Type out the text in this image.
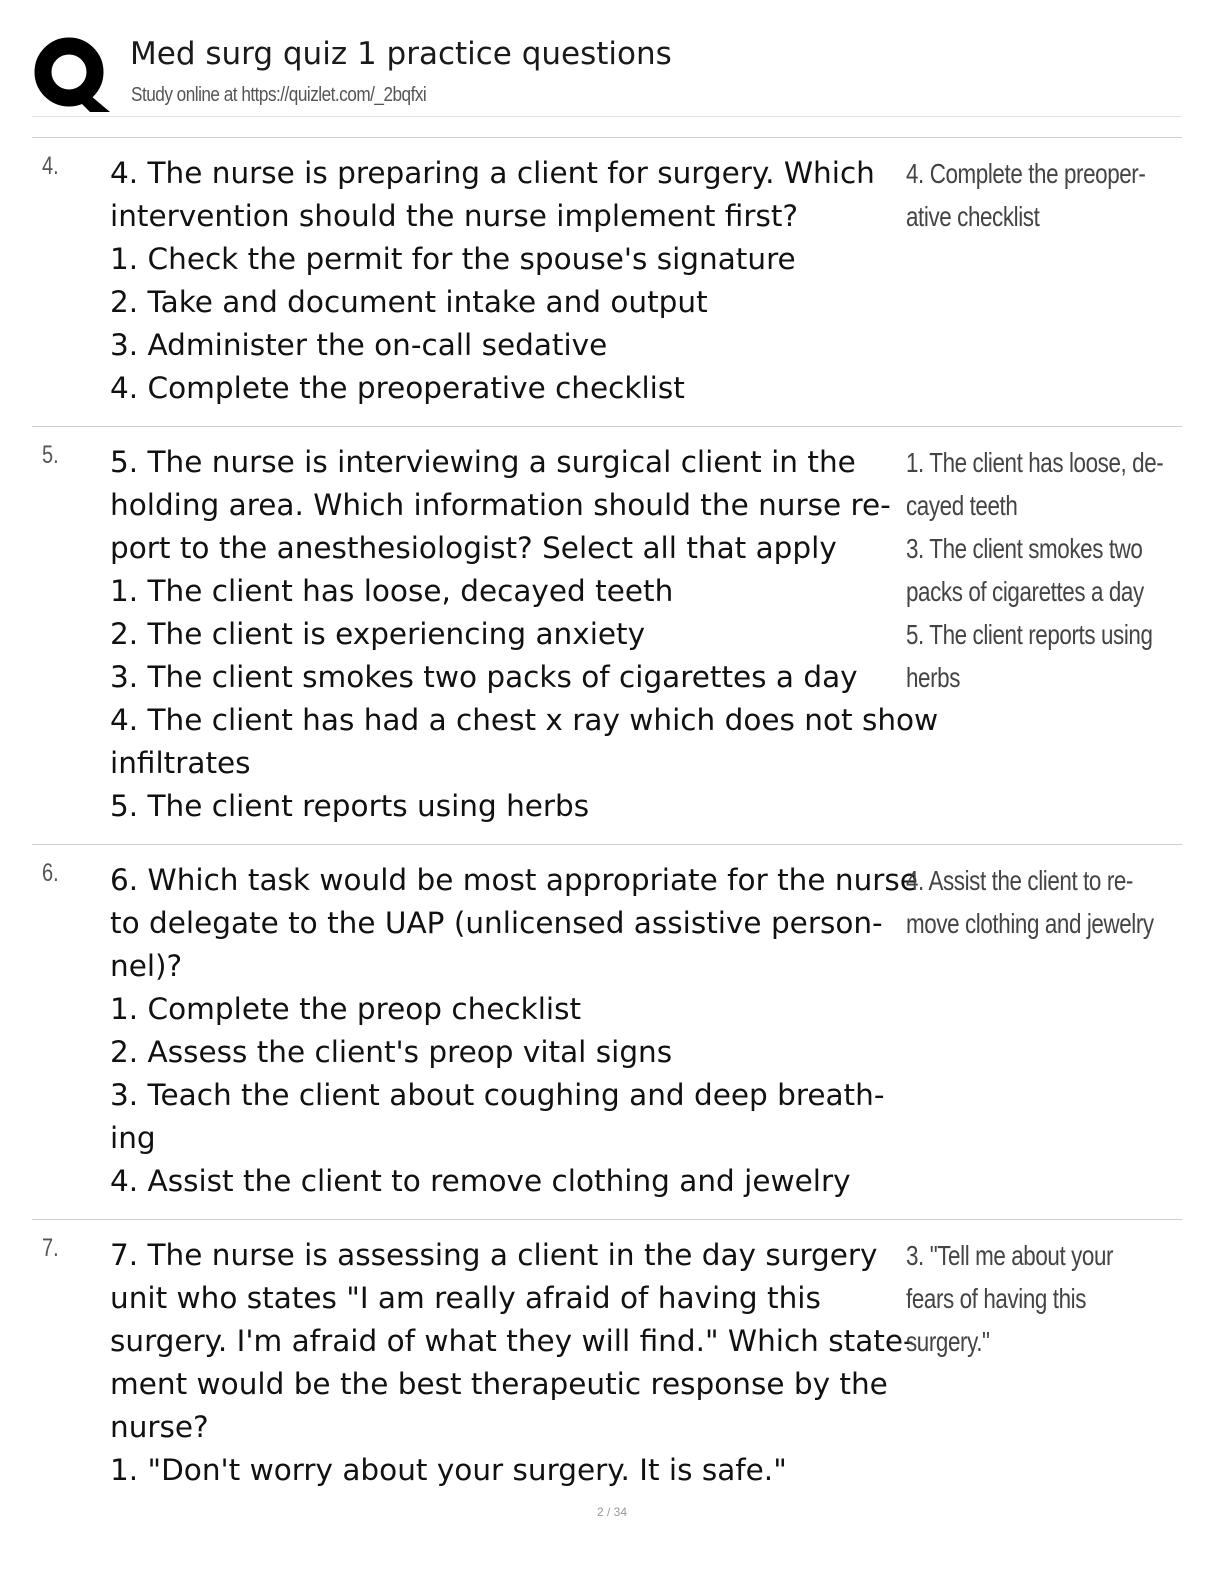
Med surg quiz 1 practice questions
Study online at https://quizlet.com/_2bqfxi
4. 4. The nurse is preparing a client for surgery. Which
intervention should the nurse implement first?
1. Check the permit for the spouse's signature
2. Take and document intake and output
3. Administer the on-call sedative
4. Complete the preoperative checklist
4. Complete the preoper-
ative checklist
5. 5. The nurse is interviewing a surgical client in the
holding area. Which information should the nurse re-
port to the anesthesiologist? Select all that apply
1. The client has loose, decayed teeth
2. The client is experiencing anxiety
3. The client smokes two packs of cigarettes a day
4. The client has had a chest x ray which does not show
infiltrates
5. The client reports using herbs
1. The client has loose, de-
cayed teeth
3. The client smokes two
packs of cigarettes a day
5. The client reports using
herbs
6. 6. Which task would be most appropriate for the nurse
to delegate to the UAP (unlicensed assistive person-
nel)?
1. Complete the preop checklist
2. Assess the client's preop vital signs
3. Teach the client about coughing and deep breath-
ing
4. Assist the client to remove clothing and jewelry
4. Assist the client to re-
move clothing and jewelry
7. 7. The nurse is assessing a client in the day surgery
unit who states "I am really afraid of having this
surgery. I'm afraid of what they will find." Which state-
ment would be the best therapeutic response by the
nurse?
1. "Don't worry about your surgery. It is safe."
3. "Tell me about your
fears of having this
surgery."
2 / 34
